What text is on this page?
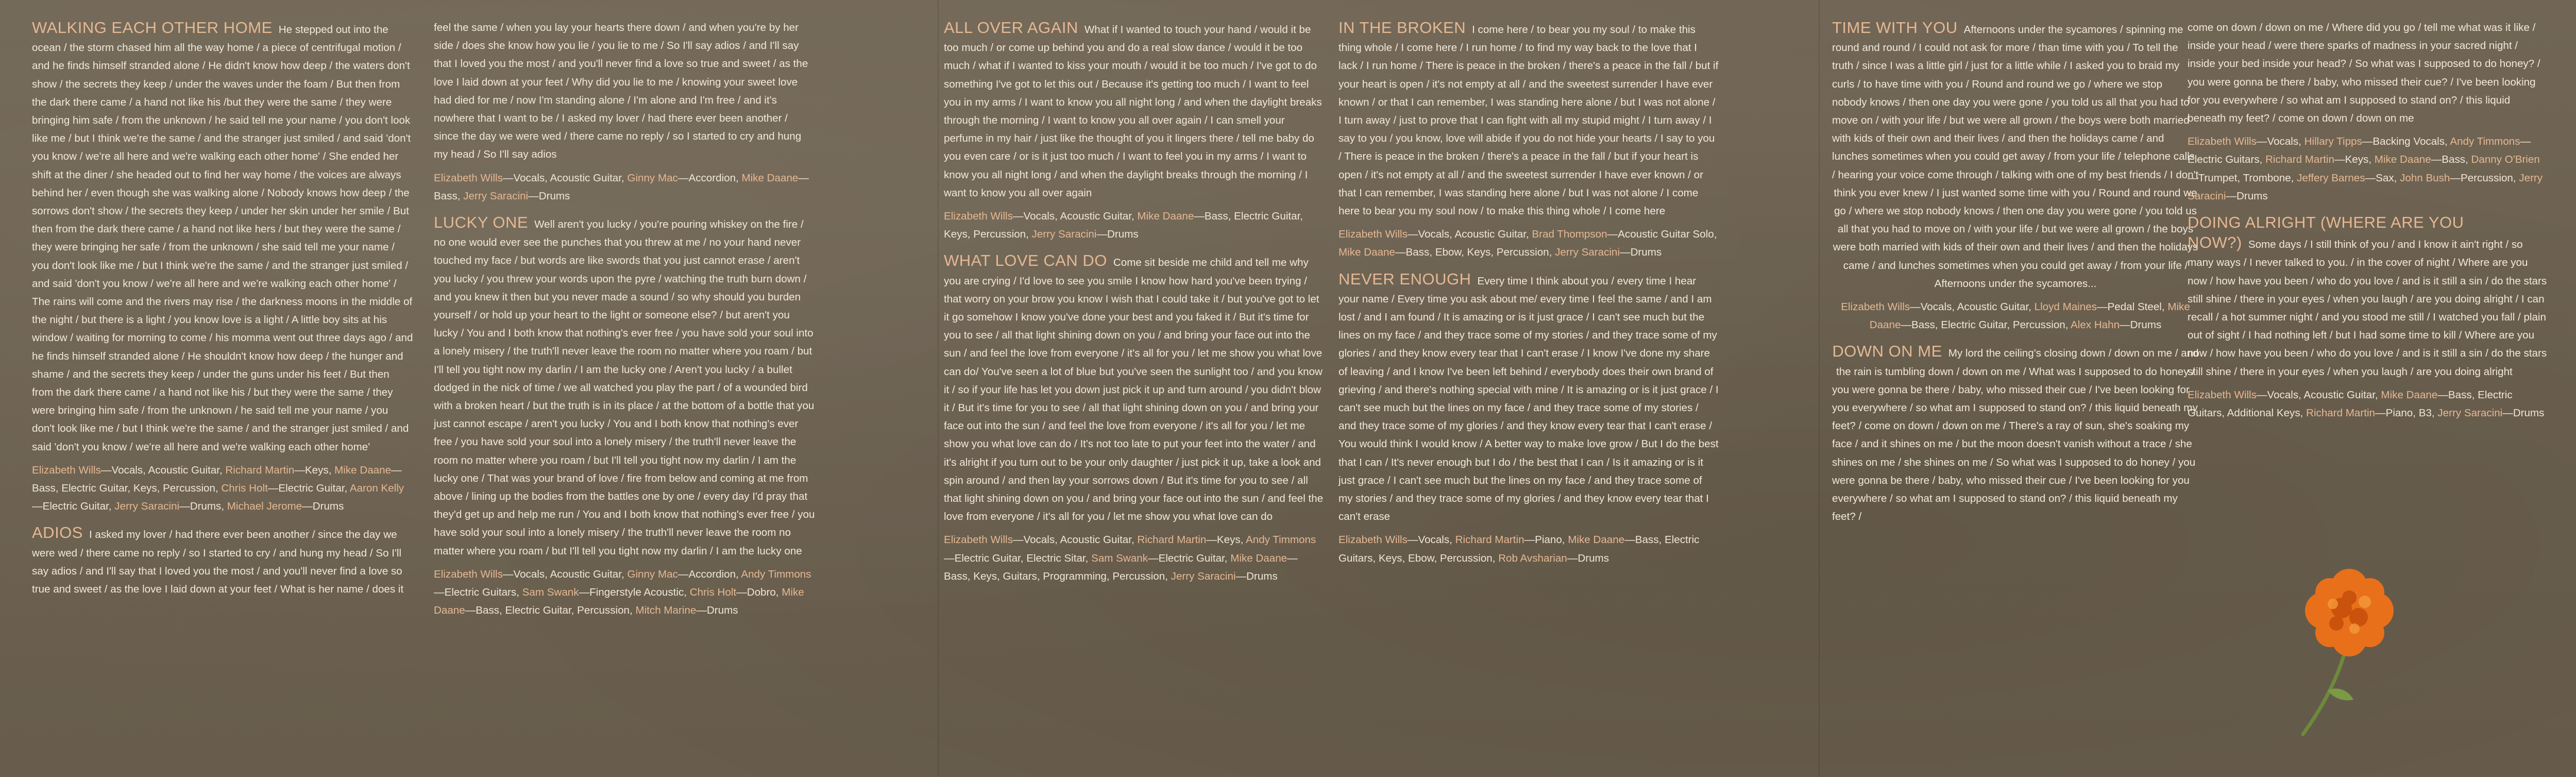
WALKING EACH OTHER HOME He stepped out into the ocean / the storm chased him all the way home / a piece of centrifugal motion / and he finds himself stranded alone / He didn't know how deep / the waters don't show / the secrets they keep / under the waves under the foam / But then from the dark there came / a hand not like his /but they were the same / they were bringing him safe / from the unknown / he said tell me your name / you don't look like me / but I think we're the same / and the stranger just smiled / and said 'don't you know / we're all here and we're walking each other home' / She ended her shift at the diner / she headed out to find her way home / the voices are always behind her / even though she was walking alone / Nobody knows how deep / the sorrows don't show / the secrets they keep / under her skin under her smile / But then from the dark there came / a hand not like hers / but they were the same / they were bringing her safe / from the unknown / she said tell me your name / you don't look like me / but I think we're the same / and the stranger just smiled / and said 'don't you know / we're all here and we're walking each other home' / The rains will come and the rivers may rise / the darkness moons in the middle of the night / but there is a light / you know love is a light / A little boy sits at his window / waiting for morning to come / his momma went out three days ago / and he finds himself stranded alone / He shouldn't know how deep / the hunger and shame / and the secrets they keep / under the guns under his feet / But then from the dark there came / a hand not like his / but they were the same / they were bringing him safe / from the unknown / he said tell me your name / you don't look like me / but I think we're the same / and the stranger just smiled / and said 'don't you know / we're all here and we're walking each other home'
Elizabeth Wills—Vocals, Acoustic Guitar, Richard Martin—Keys, Mike Daane—Bass, Electric Guitar, Keys, Percussion, Chris Holt—Electric Guitar, Aaron Kelly—Electric Guitar, Jerry Saracini—Drums, Michael Jerome—Drums
ADIOS I asked my lover / had there ever been another / since the day we were wed / there came no reply / so I started to cry / and hung my head / So I'll say adios / and I'll say that I loved you the most / and you'll never find a love so true and sweet / as the love I laid down at your feet / What is her name / does it
feel the same / when you lay your hearts there down / and when you're by her side / does she know how you lie / you lie to me / So I'll say adios / and I'll say that I loved you the most / and you'll never find a love so true and sweet / as the love I laid down at your feet / Why did you lie to me / knowing your sweet love had died for me / now I'm standing alone / I'm alone and I'm free / and it's nowhere that I want to be / I asked my lover / had there ever been another / since the day we were wed / there came no reply / so I started to cry and hung my head / So I'll say adios
Elizabeth Wills—Vocals, Acoustic Guitar, Ginny Mac—Accordion, Mike Daane—Bass, Jerry Saracini—Drums
LUCKY ONE Well aren't you lucky / you're pouring whiskey on the fire / no one would ever see the punches that you threw at me / no your hand never touched my face / but words are like swords that you just cannot erase / aren't you lucky / you threw your words upon the pyre / watching the truth burn down / and you knew it then but you never made a sound / so why should you burden yourself / or hold up your heart to the light or someone else? / but aren't you lucky / You and I both know that nothing's ever free / you have sold your soul into a lonely misery / the truth'll never leave the room no matter where you roam / but I'll tell you tight now my darlin / I am the lucky one / Aren't you lucky / a bullet dodged in the nick of time / we all watched you play the part / of a wounded bird with a broken heart / but the truth is in its place / at the bottom of a bottle that you just cannot escape / aren't you lucky / You and I both know that nothing's ever free / you have sold your soul into a lonely misery / the truth'll never leave the room no matter where you roam / but I'll tell you tight now my darlin / I am the lucky one / That was your brand of love / fire from below and coming at me from above / lining up the bodies from the battles one by one / every day I'd pray that they'd get up and help me run / You and I both know that nothing's ever free / you have sold your soul into a lonely misery / the truth'll never leave the room no matter where you roam / but I'll tell you tight now my darlin / I am the lucky one
Elizabeth Wills—Vocals, Acoustic Guitar, Ginny Mac—Accordion, Andy Timmons—Electric Guitars, Sam Swank—Fingerstyle Acoustic, Chris Holt—Dobro, Mike Daane—Bass, Electric Guitar, Percussion, Mitch Marine—Drums
ALL OVER AGAIN What if I wanted to touch your hand / would it be too much / or come up behind you and do a real slow dance / would it be too much / what if I wanted to kiss your mouth / would it be too much / I've got to do something I've got to let this out / Because it's getting too much / I want to feel you in my arms / I want to know you all night long / and when the daylight breaks through the morning / I want to know you all over again / I can smell your perfume in my hair / just like the thought of you it lingers there / tell me baby do you even care / or is it just too much / I want to feel you in my arms / I want to know you all night long / and when the daylight breaks through the morning / I want to know you all over again
Elizabeth Wills—Vocals, Acoustic Guitar, Mike Daane—Bass, Electric Guitar, Keys, Percussion, Jerry Saracini—Drums
WHAT LOVE CAN DO Come sit beside me child and tell me why you are crying / I'd love to see you smile I know how hard you've been trying / that worry on your brow you know I wish that I could take it / but you've got to let it go somehow I know you've done your best and you faked it / But it's time for you to see / all that light shining down on you / and bring your face out into the sun / and feel the love from everyone / it's all for you / let me show you what love can do/ You've seen a lot of blue but you've seen the sunlight too / and you know it / so if your life has let you down just pick it up and turn around / you didn't blow it / But it's time for you to see / all that light shining down on you / and bring your face out into the sun / and feel the love from everyone / it's all for you / let me show you what love can do / It's not too late to put your feet into the water / and it's alright if you turn out to be your only daughter / just pick it up, take a look and spin around / and then lay your sorrows down / But it's time for you to see / all that light shining down on you / and bring your face out into the sun / and feel the love from everyone / it's all for you / let me show you what love can do
Elizabeth Wills—Vocals, Acoustic Guitar, Richard Martin—Keys, Andy Timmons—Electric Guitar, Electric Sitar, Sam Swank—Electric Guitar, Mike Daane—Bass, Keys, Guitars, Programming, Percussion, Jerry Saracini—Drums
IN THE BROKEN I come here / to bear you my soul / to make this thing whole / I come here / I run home / to find my way back to the love that I lack / I run home / There is peace in the broken / there's a peace in the fall / but if your heart is open / it's not empty at all / and the sweetest surrender I have ever known / or that I can remember, I was standing here alone / but I was not alone / I turn away / just to prove that I can fight with all my stupid might / I turn away / I say to you / you know, love will abide if you do not hide your hearts / I say to you / There is peace in the broken / there's a peace in the fall / but if your heart is open / it's not empty at all / and the sweetest surrender I have ever known / or that I can remember, I was standing here alone / but I was not alone / I come here to bear you my soul now / to make this thing whole / I come here
Elizabeth Wills—Vocals, Acoustic Guitar, Brad Thompson—Acoustic Guitar Solo, Mike Daane—Bass, Ebow, Keys, Percussion, Jerry Saracini—Drums
NEVER ENOUGH Every time I think about you / every time I hear your name / Every time you ask about me/ every time I feel the same / and I am lost / and I am found / It is amazing or is it just grace / I can't see much but the lines on my face / and they trace some of my stories / and they trace some of my glories / and they know every tear that I can't erase / I know I've done my share of leaving / and I know I've been left behind / everybody does their own brand of grieving / and there's nothing special with mine / It is amazing or is it just grace / I can't see much but the lines on my face / and they trace some of my stories / and they trace some of my glories / and they know every tear that I can't erase / You would think I would know / A better way to make love grow / But I do the best that I can / It's never enough but I do / the best that I can / Is it amazing or is it just grace / I can't see much but the lines on my face / and they trace some of my stories / and they trace some of my glories / and they know every tear that I can't erase
Elizabeth Wills—Vocals, Richard Martin—Piano, Mike Daane—Bass, Electric Guitars, Keys, Ebow, Percussion, Rob Avsharian—Drums
TIME WITH YOU Afternoons under the sycamores / spinning me round and round / I could not ask for more / than time with you / To tell the truth / since I was a little girl / just for a little while / I asked you to braid my curls / to have time with you / Round and round we go / where we stop nobody knows / then one day you were gone / you told us all that you had to move on / with your life / but we were all grown / the boys were both married with kids of their own and their lives / and then the holidays came / and lunches sometimes when you could get away / from your life / telephone calls / hearing your voice come through / talking with one of my best friends / I don't
think you ever knew / I just wanted some time with you / Round and round we go / where we stop nobody knows / then one day you were gone / you told us all that you had to move on / with your life / but we were all grown / the boys were both married with kids of their own and their lives / and then the holidays came / and lunches sometimes when you could get away / from your life / Afternoons under the sycamores...
Elizabeth Wills—Vocals, Acoustic Guitar, Lloyd Maines—Pedal Steel, Mike Daane—Bass, Electric Guitar, Percussion, Alex Hahn—Drums
DOWN ON ME My lord the ceiling's closing down / down on me / and the rain is tumbling down / down on me / What was I supposed to do honey /
you were gonna be there / baby, who missed their cue / I've been looking for you everywhere / so what am I supposed to stand on? / this liquid beneath my feet? / come on down / down on me / There's a ray of sun, she's soaking my face / and it shines on me / but the moon doesn't vanish without a trace / she shines on me / she shines on me / So what was I supposed to do honey / you were gonna be there / baby, who missed their cue / I've been looking for you everywhere / so what am I supposed to stand on? / this liquid beneath my feet? /
come on down / down on me / Where did you go / tell me what was it like / inside your head / were there sparks of madness in your sacred night / inside your bed inside your head? / So what was I supposed to do honey? / you were gonna be there / baby, who missed their cue? / I've been looking for you everywhere / so what am I supposed to stand on? / this liquid beneath my feet? / come on down / down on me
Elizabeth Wills—Vocals, Hillary Tipps—Backing Vocals, Andy Timmons—Electric Guitars, Richard Martin—Keys, Mike Daane—Bass, Danny O'Brien—Trumpet, Trombone, Jeffery Barnes—Sax, John Bush—Percussion, Jerry Saracini—Drums
DOING ALRIGHT (WHERE ARE YOU NOW?) Some days / I still think of you / and I know it ain't right / so many ways / I never talked to you. / in the cover of night / Where are you now / how have you been / who do you love / and is it still a sin / do the stars still shine / there in your eyes / when you laugh / are you doing alright / I can recall / a hot summer night / and you stood me still / I watched you fall / plain out of sight / I had nothing left / but I had some time to kill / Where are you now / how have you been / who do you love / and is it still a sin / do the stars still shine / there in your eyes / when you laugh / are you doing alright
Elizabeth Wills—Vocals, Acoustic Guitar, Mike Daane—Bass, Electric Guitars, Additional Keys, Richard Martin—Piano, B3, Jerry Saracini—Drums
